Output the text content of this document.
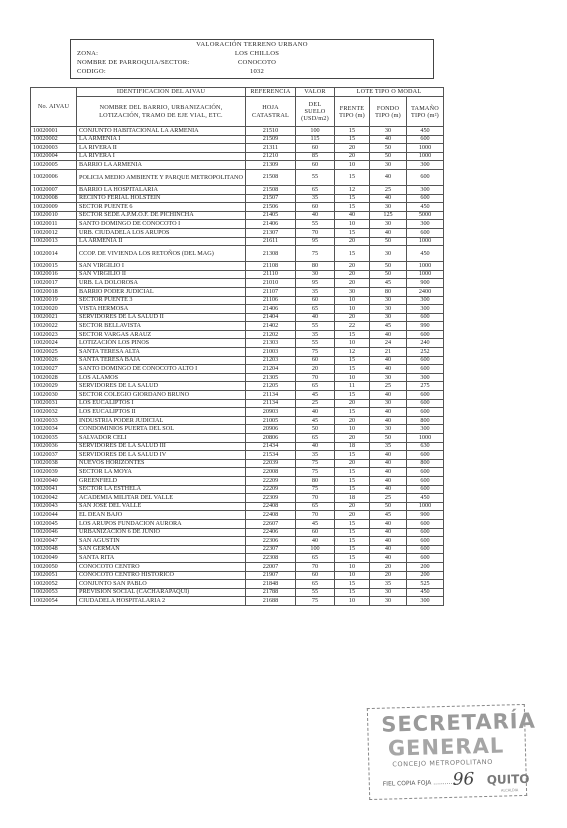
VALORACIÓN TERRENO URBANO
ZONA:	LOS CHILLOS
NOMBRE DE PARROQUIA/SECTOR:	CONOCOTO
CODIGO:	1032
No. AIVAU	IDENTIFICACION DEL AIVAU	REFERENCIA	VALOR	LOTE TIPO O MODAL		
	NOMBRE DEL BARRIO, URBANIZACIÓN, LOTIZACIÓN, TRAMO DE EJE VIAL, ETC.	HOJA CATASTRAL	DEL SUELO (USD/m2)	FRENTE TIPO (m)	FONDO TIPO (m)	TAMAÑO TIPO (m²)
10020001	CONJUNTO HABITACIONAL LA ARMENIA	21510	100	15	30	450
10020002	LA ARMENIA I	21509	115	15	40	600
10020003	LA RIVERA II	21311	60	20	50	1000
10020004	LA RIVERA I	21210	85	20	50	1000
10020005	BARRIO LA ARMENIA	21309	60	10	30	300
10020006	POLICIA MEDIO AMBIENTE Y PARQUE METROPOLITANO	21508	55	15	40	600
10020007	BARRIO LA HOSPITALARIA	21508	65	12	25	300
10020008	RECINTO FERIAL HOLSTEIN	21507	35	15	40	600
10020009	SECTOR PUENTE 6	21506	60	15	30	450
10020010	SECTOR SEDE A.P.M.O.F. DE PICHINCHA	21405	40	40	125	5000
10020011	SANTO DOMINGO DE CONOCOTO I	21406	55	10	30	300
10020012	URB. CIUDADELA LOS ARUPOS	21307	70	15	40	600
10020013	LA ARMENIA II	21611	95	20	50	1000
10020014	CCOP. DE VIVIENDA LOS RETOÑOS (DEL MAG)	21308	75	15	30	450
10020015	SAN VIRGILIO I	21108	80	20	50	1000
10020016	SAN VIRGILIO II	21110	30	20	50	1000
10020017	URB. LA DOLOROSA	21010	95	20	45	900
10020018	BARRIO PODER JUDICIAL	21107	35	30	80	2400
10020019	SECTOR PUENTE 3	21106	60	10	30	300
10020020	VISTA HERMOSA	21406	65	10	30	300
10020021	SERVIDORES DE LA SALUD II	21404	40	20	30	600
10020022	SECTOR BELLAVISTA	21402	55	22	45	990
10020023	SECTOR VARGAS ARAUZ	21202	35	15	40	600
10020024	LOTIZACIÓN LOS PINOS	21303	55	10	24	240
10020025	SANTA TERESA ALTA	21003	75	12	21	252
10020026	SANTA TERESA BAJA	21203	60	15	40	600
10020027	SANTO DOMINGO DE CONOCOTO ALTO I	21204	20	15	40	600
10020028	LOS ALAMOS	21305	70	10	30	300
10020029	SERVIDORES DE LA SALUD	21205	65	11	25	275
10020030	SECTOR COLEGIO GIORDANO BRUNO	21134	45	15	40	600
10020031	LOS EUCALIPTOS I	21134	25	20	30	600
10020032	LOS EUCALIPTOS II	20903	40	15	40	600
10020033	INDUSTRIA PODER JUDICIAL	21005	45	20	40	800
10020034	CONDOMINIOS PUERTA DEL SOL	20906	50	10	30	300
10020035	SALVADOR CELI	20806	65	20	50	1000
10020036	SERVIDORES DE LA SALUD III	21434	40	18	35	630
10020037	SERVIDORES DE LA SALUD IV	21534	35	15	40	600
10020038	NUEVOS HORIZONTES	22039	75	20	40	800
10020039	SECTOR LA MOYA	22008	75	15	40	600
10020040	GREENFIELD	22209	80	15	40	600
10020041	SECTOR LA ESTHELA	22209	75	15	40	600
10020042	ACADEMIA MILITAR DEL VALLE	22309	70	18	25	450
10020043	SAN JOSE DEL VALLE	22408	65	20	50	1000
10020044	EL DEAN BAJO	22408	70	20	45	900
10020045	LOS ARUPOS FUNDACION AURORA	22607	45	15	40	600
10020046	URBANIZACION 6 DE JUNIO	22406	60	15	40	600
10020047	SAN AGUSTIN	22306	40	15	40	600
10020048	SAN GERMAN	22307	100	15	40	600
10020049	SANTA RITA	22308	65	15	40	600
10020050	CONOCOTO CENTRO	22007	70	10	20	200
10020051	CONOCOTO CENTRO HISTORICO	21907	60	10	20	200
10020052	CONJUNTO SAN PABLO	21848	65	15	35	525
10020053	PREVISION SOCIAL (CACHARAPAQUI)	21788	55	15	30	450
10020054	CIUDADELA HOSPITALARIA 2	21688	75	10	30	300
SECRETARÍA
GENERAL
CONCEJO METROPOLITANO
FIEL COPIA FOJA ..............
96 QUITO
ALCALDIA
